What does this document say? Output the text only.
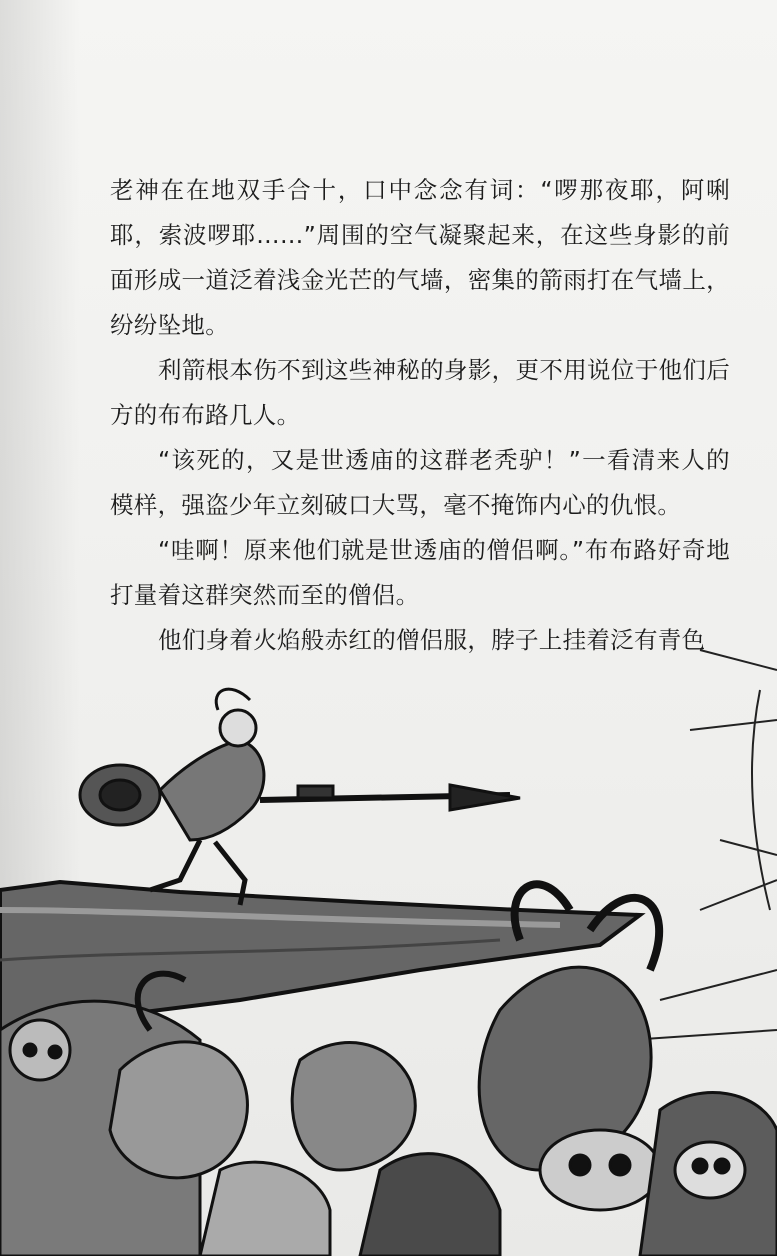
老神在在地双手合十，口中念念有词：“啰那夜耶，阿唎耶，索波啰耶……”周围的空气凝聚起来，在这些身影的前面形成一道泛着浅金光芒的气墙，密集的箭雨打在气墙上，纷纷坠地。

利箭根本伤不到这些神秘的身影，更不用说位于他们后方的布布路几人。

“该死的，又是世透庙的这群老秃驴！”一看清来人的模样，强盗少年立刻破口大骂，毫不掩饰内心的仇恨。

“哇啊！原来他们就是世透庙的僧侣啊。”布布路好奇地打量着这群突然而至的僧侣。

他们身着火焰般赤红的僧侣服，脖子上挂着泛有青色
